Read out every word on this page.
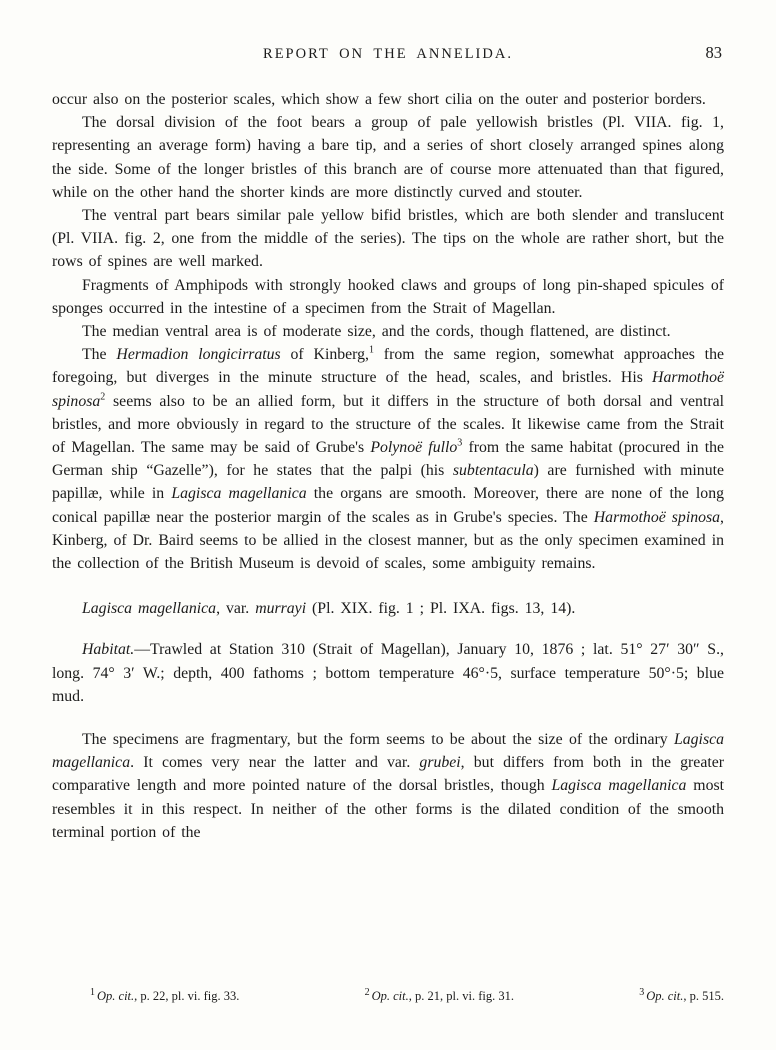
REPORT ON THE ANNELIDA.	83

occur also on the posterior scales, which show a few short cilia on the outer and posterior borders.

The dorsal division of the foot bears a group of pale yellowish bristles (Pl. VIIA. fig. 1, representing an average form) having a bare tip, and a series of short closely arranged spines along the side. Some of the longer bristles of this branch are of course more attenuated than that figured, while on the other hand the shorter kinds are more distinctly curved and stouter.

The ventral part bears similar pale yellow bifid bristles, which are both slender and translucent (Pl. VIIA. fig. 2, one from the middle of the series). The tips on the whole are rather short, but the rows of spines are well marked.

Fragments of Amphipods with strongly hooked claws and groups of long pin-shaped spicules of sponges occurred in the intestine of a specimen from the Strait of Magellan.

The median ventral area is of moderate size, and the cords, though flattened, are distinct.

The Hermadion longicirratus of Kinberg,$^1$ from the same region, somewhat approaches the foregoing, but diverges in the minute structure of the head, scales, and bristles. His Harmothoë spinosa$^2$ seems also to be an allied form, but it differs in the structure of both dorsal and ventral bristles, and more obviously in regard to the structure of the scales. It likewise came from the Strait of Magellan. The same may be said of Grube's Polynoë fullo$^3$ from the same habitat (procured in the German ship “Gazelle”), for he states that the palpi (his subtentacula) are furnished with minute papillæ, while in Lagisca magellanica the organs are smooth. Moreover, there are none of the long conical papillæ near the posterior margin of the scales as in Grube's species. The Harmothoë spinosa, Kinberg, of Dr. Baird seems to be allied in the closest manner, but as the only specimen examined in the collection of the British Museum is devoid of scales, some ambiguity remains.

Lagisca magellanica, var. murrayi (Pl. XIX. fig. 1 ; Pl. IXA. figs. 13, 14).

Habitat.—Trawled at Station 310 (Strait of Magellan), January 10, 1876 ; lat. 51° 27′ 30″ S., long. 74° 3′ W.; depth, 400 fathoms ; bottom temperature 46°·5, surface temperature 50°·5; blue mud.

The specimens are fragmentary, but the form seems to be about the size of the ordinary Lagisca magellanica. It comes very near the latter and var. grubei, but differs from both in the greater comparative length and more pointed nature of the dorsal bristles, though Lagisca magellanica most resembles it in this respect. In neither of the other forms is the dilated condition of the smooth terminal portion of the

$^1$ Op. cit., p. 22, pl. vi. fig. 33.	$^2$ Op. cit., p. 21, pl. vi. fig. 31.	$^3$ Op. cit., p. 515.
